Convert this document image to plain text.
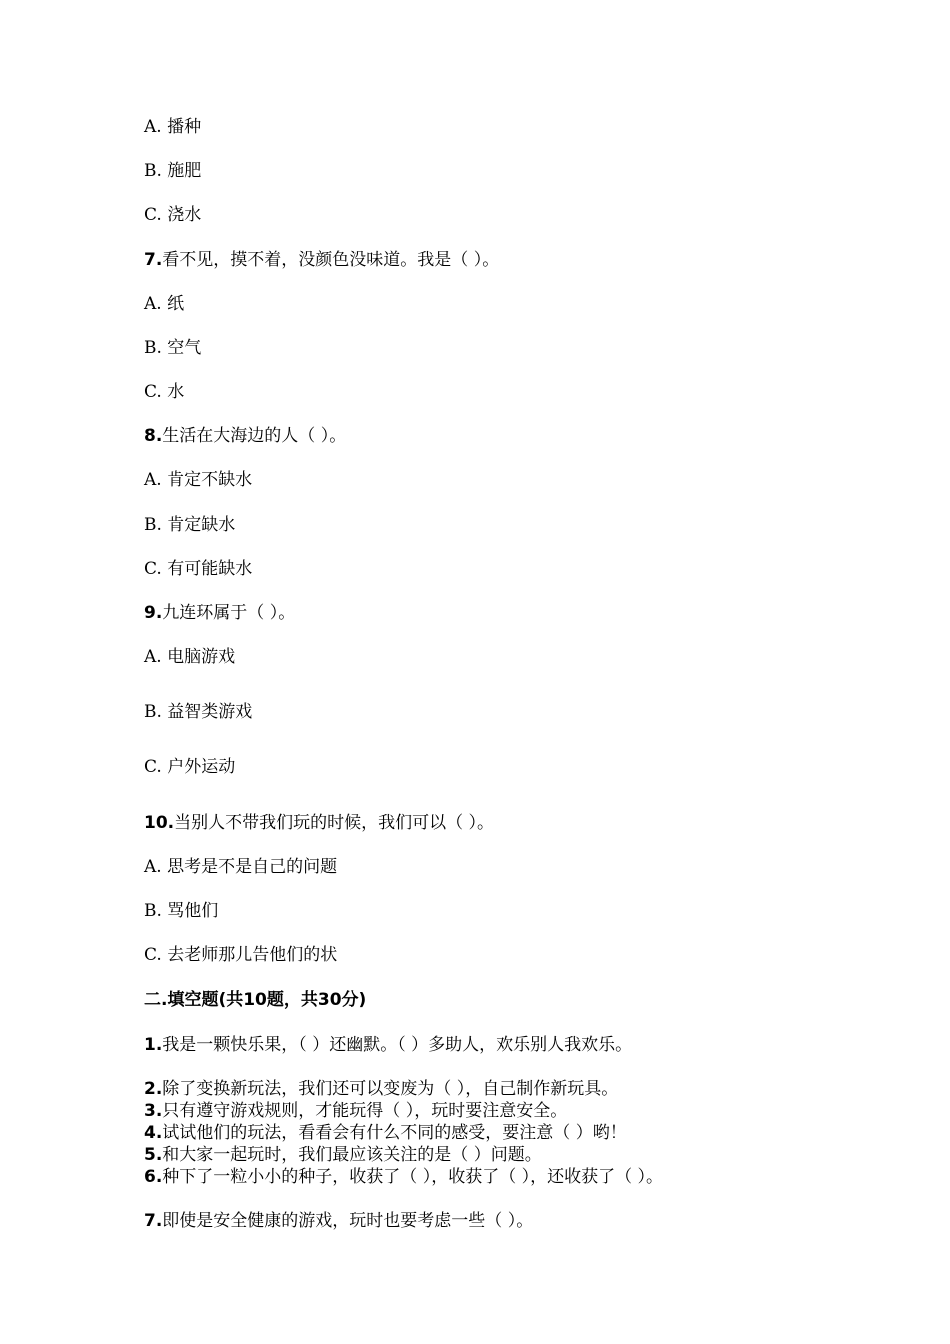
A. 播种
B. 施肥
C. 浇水
7.看不见，摸不着，没颜色没味道。我是（ ）。
A. 纸
B. 空气
C. 水
8.生活在大海边的人（ ）。
A. 肯定不缺水
B. 肯定缺水
C. 有可能缺水
9.九连环属于（ ）。
A. 电脑游戏
B. 益智类游戏
C. 户外运动
10.当别人不带我们玩的时候，我们可以（ ）。
A. 思考是不是自己的问题
B. 骂他们
C. 去老师那儿告他们的状
二.填空题(共10题，共30分)
1.我是一颗快乐果，（ ）还幽默。（ ）多助人，欢乐别人我欢乐。
2.除了变换新玩法，我们还可以变废为（ ），自己制作新玩具。
3.只有遵守游戏规则，才能玩得（ ），玩时要注意安全。
4.试试他们的玩法，看看会有什么不同的感受，要注意（ ）哟！
5.和大家一起玩时，我们最应该关注的是（ ）问题。
6.种下了一粒小小的种子，收获了（ ），收获了（ ），还收获了（ ）。
7.即使是安全健康的游戏，玩时也要考虑一些（ ）。
